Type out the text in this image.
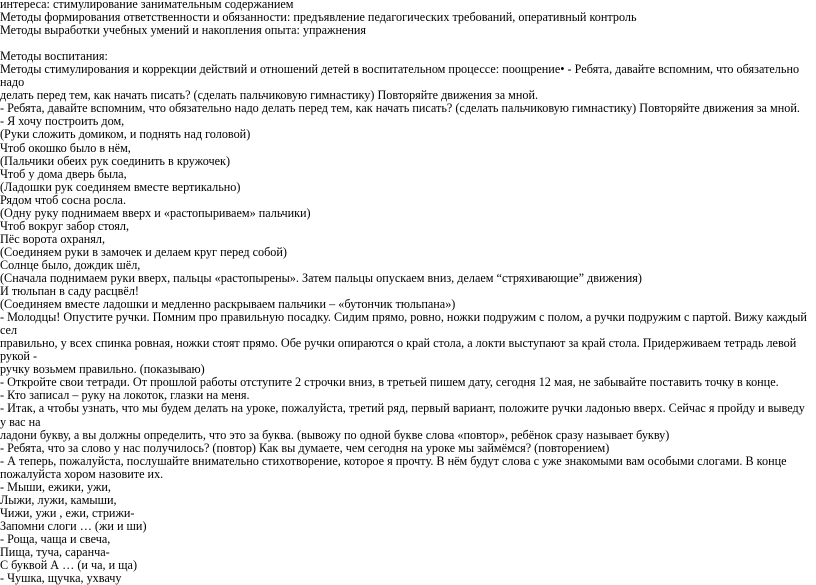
интереса: стимулирование занимательным содержанием
Методы формирования ответственности и обязанности: предъявление педагогических требований, оперативный контроль
Методы выработки учебных умений и накопления опыта: упражнения
Методы воспитания:
Методы стимулирования и коррекции действий и отношений детей в воспитательном процессе: поощрение• - Ребята, давайте вспомним, что обязательно надо
делать перед тем, как начать писать? (сделать пальчиковую гимнастику) Повторяйте движения за мной.
- Ребята, давайте вспомним, что обязательно надо делать перед тем, как начать писать? (сделать пальчиковую гимнастику) Повторяйте движения за мной.
- Я хочу построить дом,
(Руки сложить домиком, и поднять над головой)
Чтоб окошко было в нём,
(Пальчики обеих рук соединить в кружочек)
Чтоб у дома дверь была,
(Ладошки рук соединяем вместе вертикально)
Рядом чтоб сосна росла.
(Одну руку поднимаем вверх и «растопыриваем» пальчики)
Чтоб вокруг забор стоял,
Пёс ворота охранял,
(Соединяем руки в замочек и делаем круг перед собой)
Солнце было, дождик шёл,
(Сначала поднимаем руки вверх, пальцы «растопырены». Затем пальцы опускаем вниз, делаем “стряхивающие” движения)
И тюльпан в саду расцвёл!
(Соединяем вместе ладошки и медленно раскрываем пальчики – «бутончик тюльпана»)
- Молодцы! Опустите ручки. Помним про правильную посадку. Сидим прямо, ровно, ножки подружим с полом, а ручки подружим с партой. Вижу каждый сел
правильно, у всех спинка ровная, ножки стоят прямо. Обе ручки опираются о край стола, а локти выступают за край стола. Придерживаем тетрадь левой рукой -
ручку возьмем правильно. (показываю)
- Откройте свои тетради. От прошлой работы отступите 2 строчки вниз, в третьей пишем дату, сегодня 12 мая, не забывайте поставить точку в конце.
- Кто записал – руку на локоток, глазки на меня.
- Итак, а чтобы узнать, что мы будем делать на уроке, пожалуйста, третий ряд, первый вариант, положите ручки ладонью вверх. Сейчас я пройду и выведу у вас на
ладони букву, а вы должны определить, что это за буква. (вывожу по одной букве слова «повтор», ребёнок сразу называет букву)
- Ребята, что за слово у нас получилось? (повтор) Как вы думаете, чем сегодня на уроке мы займёмся? (повторением)
- А теперь, пожалуйста, послушайте внимательно стихотворение, которое я прочту. В нём будут слова с уже знакомыми вам особыми слогами. В конце
пожалуйста хором назовите их.
- Мыши, ежики, ужи,
Лыжи, лужи, камыши,
Чижи, ужи , ежи, стрижи-
Запомни слоги … (жи и ши)
- Роща, чаща и свеча,
Пища, туча, саранча-
С буквой А … (и ча, и ща)
- Чушка, щучка, ухвачу
